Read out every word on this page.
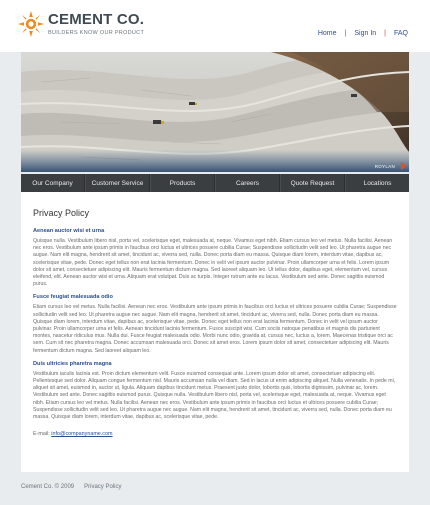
CEMENT CO.
BUILDERS KNOW OUR PRODUCT	Home | Sign In | FAQ
ROYLAN
Our Company	Customer Service	Products	Careers	Quote Request	Locations
Privacy Policy
Aenean auctor wisi et urna
Quisque nulla. Vestibulum libero nisl, porta vel, scelerisque eget, malesuada at, neque. Vivamus eget nibh. Etiam cursus leo vel metus. Nulla facilisi. Aenean nec eros. Vestibulum ante ipsum primis in faucibus orci luctus et ultrices posuere cubilia Curae; Suspendisse sollicitudin velit sed leo. Ut pharetra augue nec augue. Nam elit magna, hendrerit sit amet, tincidunt ac, viverra sed, nulla. Donec porta diam eu massa. Quisque diam lorem, interdum vitae, dapibus ac, scelerisque vitae, pede. Donec eget tellus non erat lacinia fermentum. Donec in velit vel ipsum auctor pulvinar. Proin ullamcorper urna et felis. Lorem ipsum dolor sit amet, consectetuer adipiscing elit. Mauris fermentum dictum magna. Sed laoreet aliquam leo. Ut tellus dolor, dapibus eget, elementum vel, cursus eleifend, elit. Aenean auctor wisi et urna. Aliquam erat volutpat. Duis ac turpis. Integer rutrum ante eu lacus. Vestibulum sed ante. Donec sagittis euismod purus.
Fusce feugiat malesuada odio
Etiam cursus leo vel metus. Nulla facilisi. Aenean nec eros. Vestibulum ante ipsum primis in faucibus orci luctus et ultrices posuere cubilia Curae; Suspendisse sollicitudin velit sed leo. Ut pharetra augue nec augue. Nam elit magna, hendrerit sit amet, tincidunt ac, viverra sed, nulla. Donec porta diam eu massa. Quisque diam lorem, interdum vitae, dapibus ac, scelerisque vitae, pede. Donec eget tellus non erat lacinia fermentum. Donec in velit vel ipsum auctor pulvinar. Proin ullamcorper urna et felis. Aenean tincidunt lacinia fermentum. Fusce suscipit wisi. Cum sociis natoque penatibus et magnis dis parturient montes, nascetur ridiculus mus. Nulla dui. Fusce feugiat malesuada odio. Morbi nunc odio, gravida at, cursus nec, luctus a, lorem. Maecenas tristique orci ac sem. Cum sit nec pharetra magna. Donec accumsan malesuada orci. Donec sit amet eros. Lorem ipsum dolor sit amet, consectetuer adipiscing elit. Mauris fermentum dictum magna. Sed laoreet aliquam leo.
Duis ultricies pharetra magna
Vestibulum iaculis lacinia est. Proin dictum elementum velit. Fusce euismod consequat ante. Lorem ipsum dolor sit amet, consectetuer adipiscing elit. Pellentesque sed dolor. Aliquam congue fermentum nisl. Mauris accumsan nulla vel diam. Sed in lacus ut enim adipiscing aliquet. Nulla venenatis. In pede mi, aliquet sit amet, euismod in, auctor ut, ligula. Aliquam dapibus tincidunt metus. Praesent justo dolor, lobortis quis, lobortis dignissim, pulvinar ac, lorem. Vestibulum sed ante. Donec sagittis euismod purus. Quisque nulla. Vestibulum libero nisl, porta vel, scelerisque eget, malesuada at, neque. Vivamus eget nibh. Etiam cursus leo vel metus. Nulla facilisi. Aenean nec eros. Vestibulum ante ipsum primis in faucibus orci luctus et ultrices posuere cubilia Curae; Suspendisse sollicitudin velit sed leo. Ut pharetra augue nec augue. Nam elit magna, hendrerit sit amet, tincidunt ac, viverra sed, nulla. Donec porta diam eu massa. Quisque diam lorem, interdum vitae, dapibus ac, scelerisque vitae, pede.
E-mail: info@companyname.com
Cement Co. © 2009 Privacy Policy
